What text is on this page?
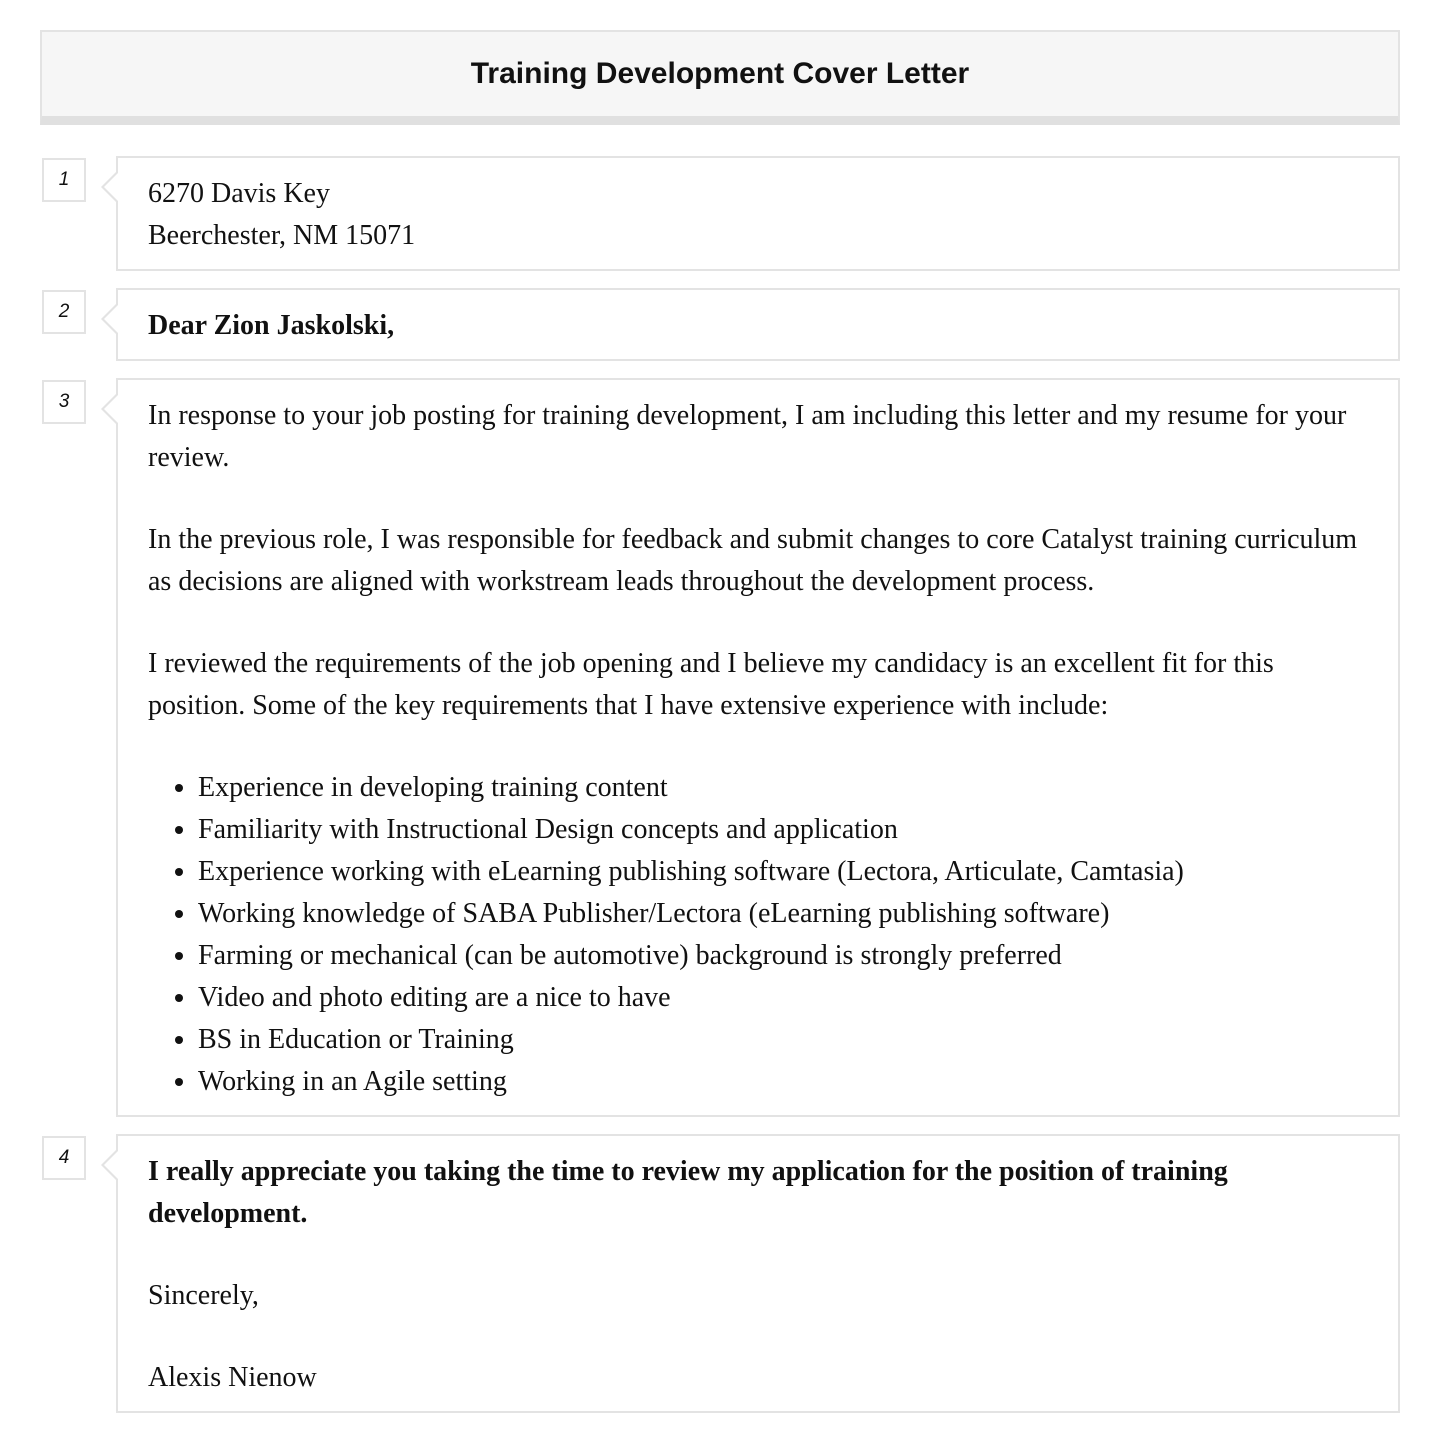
Training Development Cover Letter
1	6270 Davis Key
Beerchester, NM 15071
2	Dear Zion Jaskolski,
3	In response to your job posting for training development, I am including this letter and my resume for your review.

In the previous role, I was responsible for feedback and submit changes to core Catalyst training curriculum as decisions are aligned with workstream leads throughout the development process.

I reviewed the requirements of the job opening and I believe my candidacy is an excellent fit for this position. Some of the key requirements that I have extensive experience with include:

• Experience in developing training content
• Familiarity with Instructional Design concepts and application
• Experience working with eLearning publishing software (Lectora, Articulate, Camtasia)
• Working knowledge of SABA Publisher/Lectora (eLearning publishing software)
• Farming or mechanical (can be automotive) background is strongly preferred
• Video and photo editing are a nice to have
• BS in Education or Training
• Working in an Agile setting
4	I really appreciate you taking the time to review my application for the position of training development.

Sincerely,

Alexis Nienow
